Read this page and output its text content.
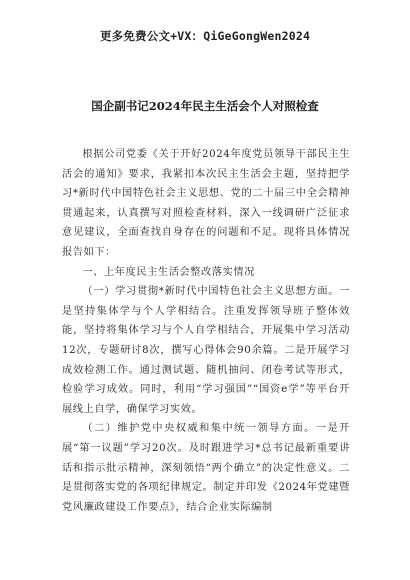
更多免费公文+VX：QiGeGongWen2024
国企副书记2024年民主生活会个人对照检查

根据公司党委《关于开好2024年度党员领导干部民主生活会的通知》要求，我紧扣本次民主生活会主题，坚持把学习*新时代中国特色社会主义思想、党的二十届三中全会精神贯通起来，认真撰写对照检查材料，深入一线调研广泛征求意见建议，全面查找自身存在的问题和不足。现将具体情况报告如下：

一、上年度民主生活会整改落实情况

（一）学习贯彻*新时代中国特色社会主义思想方面。一是坚持集体学与个人学相结合。注重发挥领导班子整体效能，坚持将集体学习与个人自学相结合，开展集中学习活动12次，专题研讨8次，撰写心得体会90余篇。二是开展学习成效检测工作。通过测试题、随机抽问、闭卷考试等形式，检验学习成效。同时，利用“学习强国”“国资e学”等平台开展线上自学，确保学习实效。

（二）维护党中央权威和集中统一领导方面。一是开展“第一议题”学习20次。及时跟进学习*总书记最新重要讲话和指示批示精神，深刻领悟“两个确立”的决定性意义。二是贯彻落实党的各项纪律规定。制定并印发《2024年党建暨党风廉政建设工作要点》，结合企业实际编制
